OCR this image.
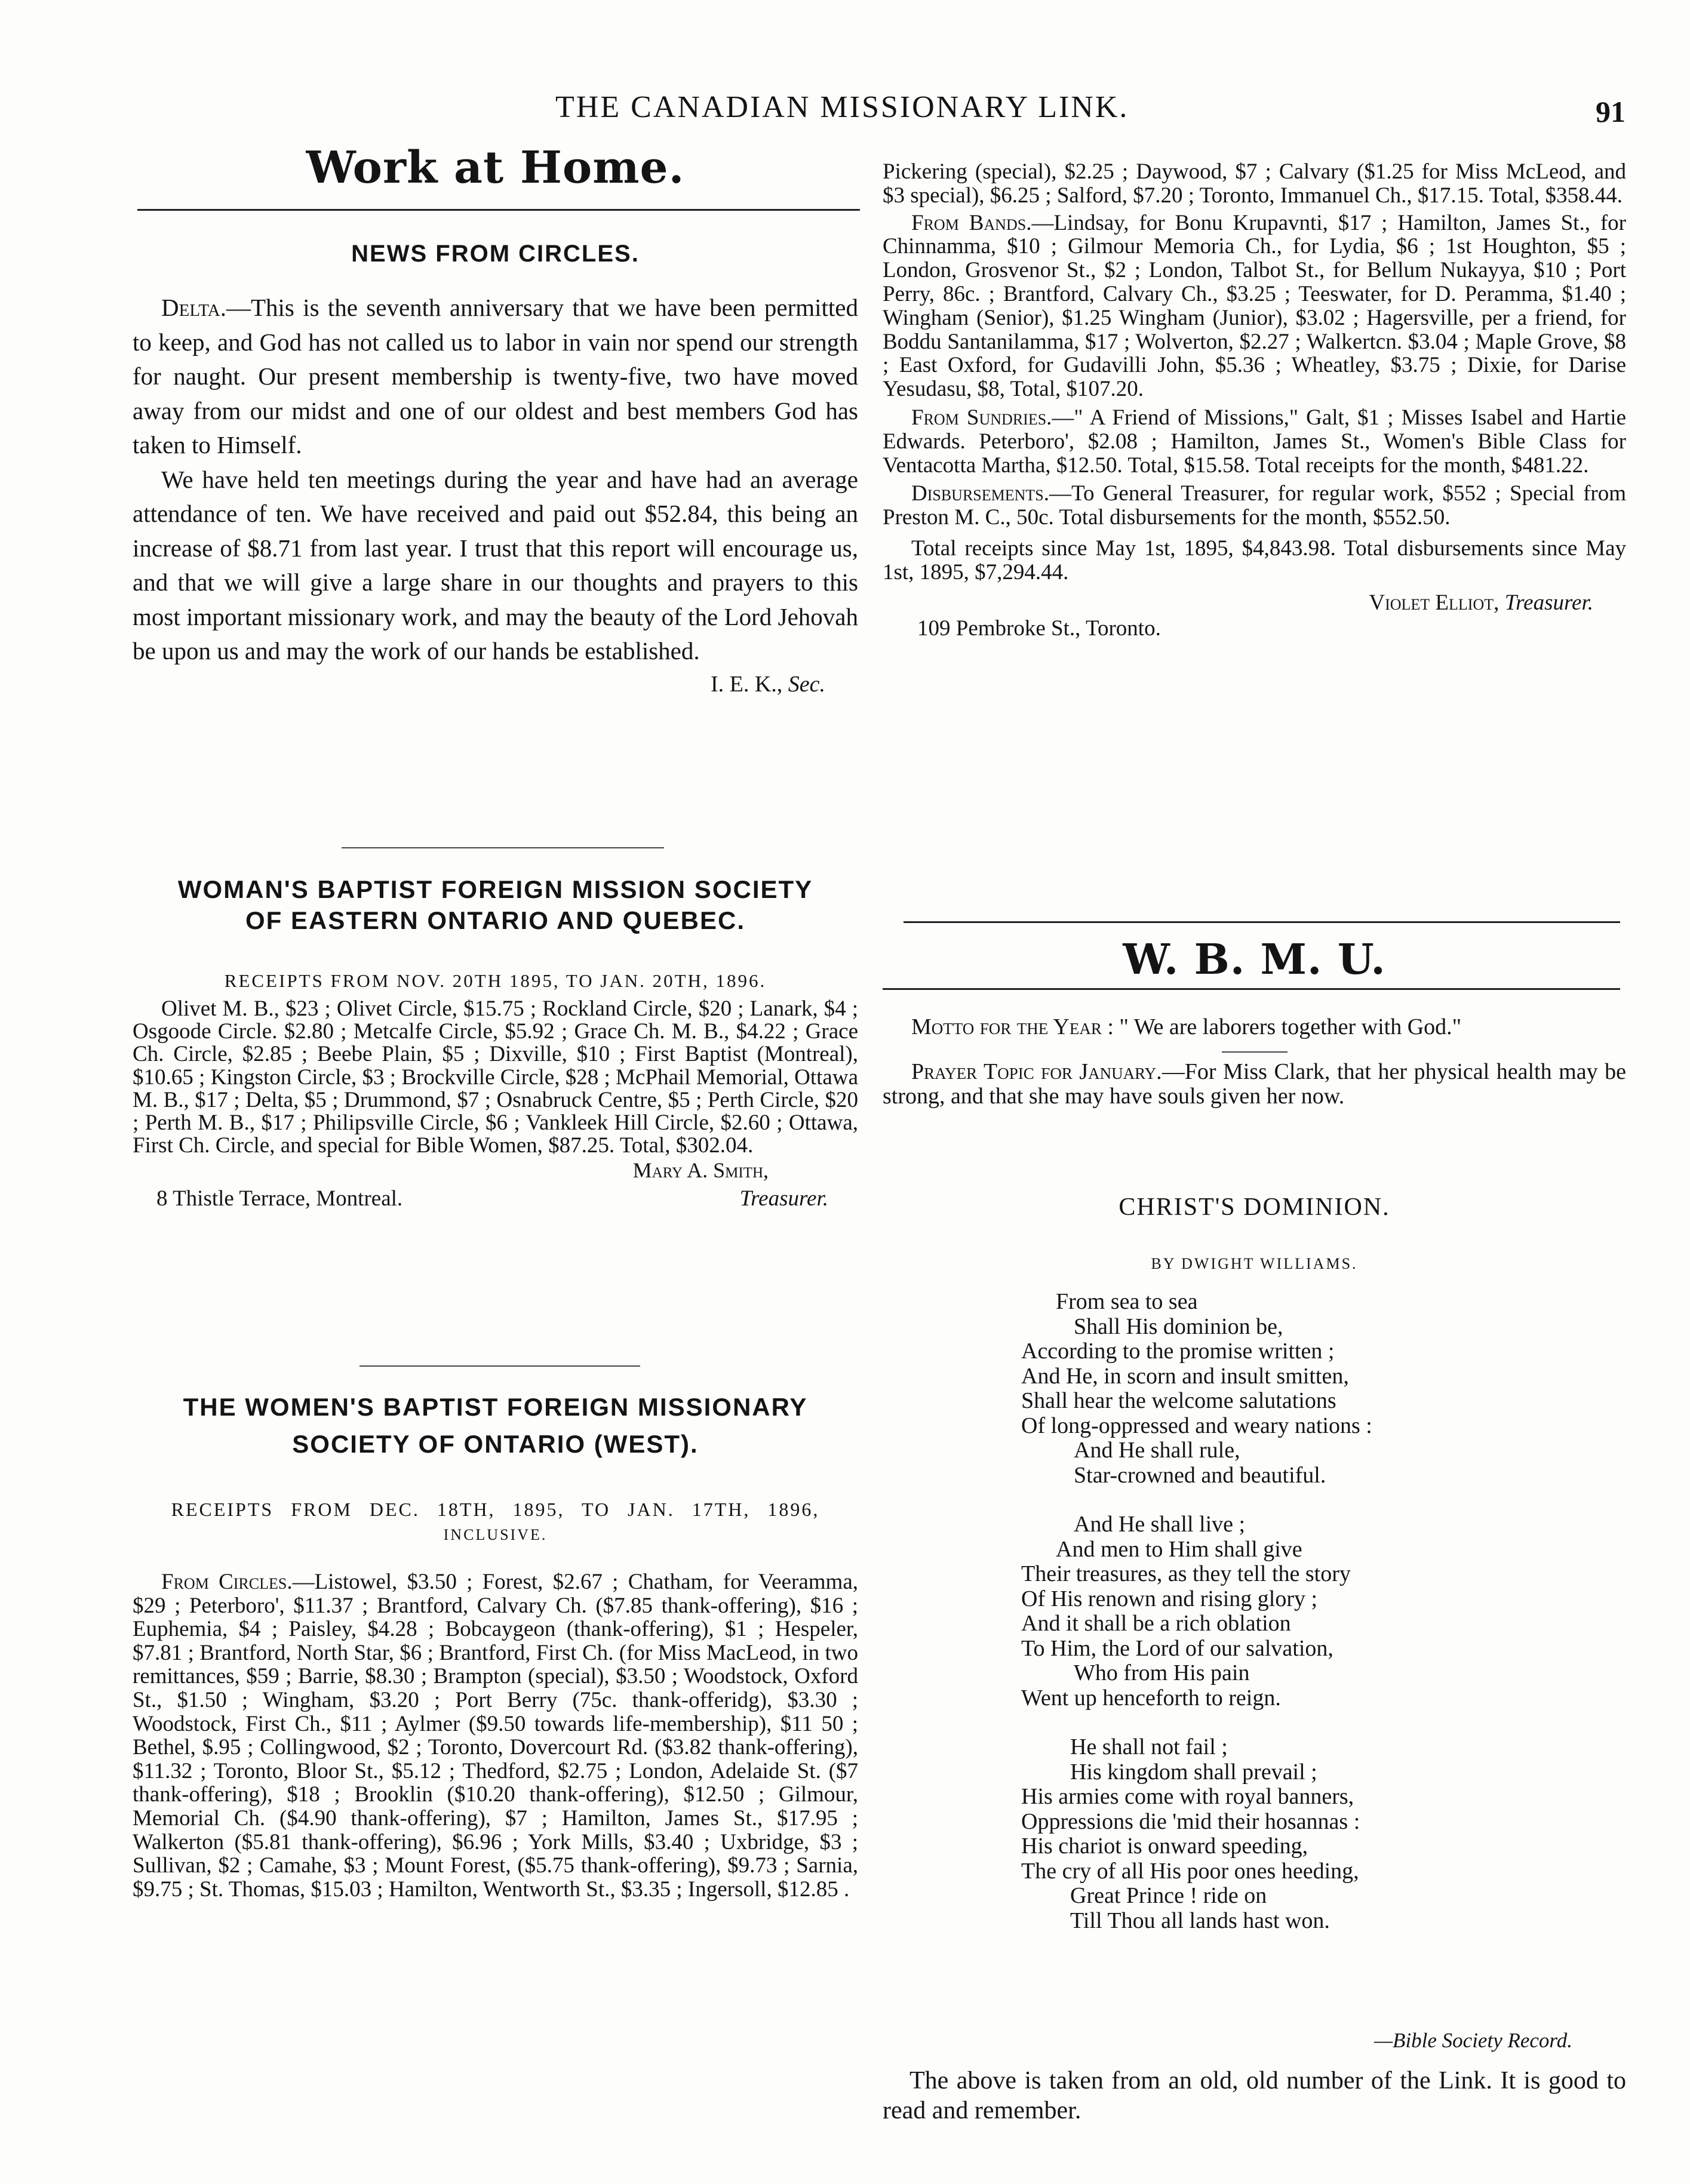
THE CANADIAN MISSIONARY LINK.	91
Work at Home.
NEWS FROM CIRCLES.

Delta.—This is the seventh anniversary that we have been permitted to keep, and God has not called us to labor in vain nor spend our strength for naught. Our present membership is twenty-five, two have moved away from our midst and one of our oldest and best members God has taken to Himself.

We have held ten meetings during the year and have had an average attendance of ten. We have received and paid out $52.84, this being an increase of $8.71 from last year. I trust that this report will encourage us, and that we will give a large share in our thoughts and prayers to this most important missionary work, and may the beauty of the Lord Jehovah be upon us and may the work of our hands be established.

I. E. K., Sec.
WOMAN'S BAPTIST FOREIGN MISSION SOCIETY
OF EASTERN ONTARIO AND QUEBEC.
RECEIPTS FROM NOV. 20TH 1895, TO JAN. 20TH, 1896.

Olivet M. B., $23 ; Olivet Circle, $15.75 ; Rockland Circle, $20 ; Lanark, $4 ; Osgoode Circle. $2.80 ; Metcalfe Circle, $5.92 ; Grace Ch. M. B., $4.22 ; Grace Ch. Circle, $2.85 ; Beebe Plain, $5 ; Dixville, $10 ; First Baptist (Montreal), $10.65 ; Kingston Circle, $3 ; Brockville Circle, $28 ; McPhail Memorial, Ottawa M. B., $17 ; Delta, $5 ; Drummond, $7 ; Osnabruck Centre, $5 ; Perth Circle, $20 ; Perth M. B., $17 ; Philipsville Circle, $6 ; Vankleek Hill Circle, $2.60 ; Ottawa, First Ch. Circle, and special for Bible Women, $87.25. Total, $302.04.

Mary A. Smith,
8 Thistle Terrace, Montreal.	Treasurer.
THE WOMEN'S BAPTIST FOREIGN MISSIONARY
SOCIETY OF ONTARIO (WEST).
RECEIPTS FROM DEC. 18TH, 1895, TO JAN. 17TH, 1896,
INCLUSIVE.

From Circles.—Listowel, $3.50 ; Forest, $2.67 ; Chatham, for Veeramma, $29 ; Peterboro', $11.37 ; Brantford, Calvary Ch. ($7.85 thank-offering), $16 ; Euphemia, $4 ; Paisley, $4.28 ; Bobcaygeon (thank-offering), $1 ; Hespeler, $7.81 ; Brantford, North Star, $6 ; Brantford, First Ch. (for Miss MacLeod, in two remittances, $59 ; Barrie, $8.30 ; Brampton (special), $3.50 ; Woodstock, Oxford St., $1.50 ; Wingham, $3.20 ; Port Berry (75c. thank-offeridg), $3.30 ; Woodstock, First Ch., $11 ; Aylmer ($9.50 towards life-membership), $11 50 ; Bethel, $.95 ; Collingwood, $2 ; Toronto, Dovercourt Rd. ($3.82 thank-offering), $11.32 ; Toronto, Bloor St., $5.12 ; Thedford, $2.75 ; London, Adelaide St. ($7 thank-offering), $18 ; Brooklin ($10.20 thank-offering), $12.50 ; Gilmour, Memorial Ch. ($4.90 thank-offering), $7 ; Hamilton, James St., $17.95 ; Walkerton ($5.81 thank-offering), $6.96 ; York Mills, $3.40 ; Uxbridge, $3 ; Sullivan, $2 ; Camahe, $3 ; Mount Forest, ($5.75 thank-offering), $9.73 ; Sarnia, $9.75 ; St. Thomas, $15.03 ; Hamilton, Wentworth St., $3.35 ; Ingersoll, $12.85 .

Pickering (special), $2.25 ; Daywood, $7 ; Calvary ($1.25 for Miss McLeod, and $3 special), $6.25 ; Salford, $7.20 ; Toronto, Immanuel Ch., $17.15. Total, $358.44.

From Bands.—Lindsay, for Bonu Krupavnti, $17 ; Hamilton, James St., for Chinnamma, $10 ; Gilmour Memoria Ch., for Lydia, $6 ; 1st Houghton, $5 ; London, Grosvenor St., $2 ; London, Talbot St., for Bellum Nukayya, $10 ; Port Perry, 86c. ; Brantford, Calvary Ch., $3.25 ; Teeswater, for D. Peramma, $1.40 ; Wingham (Senior), $1.25 Wingham (Junior), $3.02 ; Hagersville, per a friend, for Boddu Santanilamma, $17 ; Wolverton, $2.27 ; Walkertcn. $3.04 ; Maple Grove, $8 ; East Oxford, for Gudavilli John, $5.36 ; Wheatley, $3.75 ; Dixie, for Darise Yesudasu, $8, Total, $107.20.

From Sundries.—" A Friend of Missions," Galt, $1 ; Misses Isabel and Hartie Edwards. Peterboro', $2.08 ; Hamilton, James St., Women's Bible Class for Ventacotta Martha, $12.50. Total, $15.58. Total receipts for the month, $481.22.

Disbursements.—To General Treasurer, for regular work, $552 ; Special from Preston M. C., 50c. Total disbursements for the month, $552.50.

Total receipts since May 1st, 1895, $4,843.98. Total disbursements since May 1st, 1895, $7,294.44.

Violet Elliot, Treasurer.
109 Pembroke St., Toronto.
W. B. M. U.

Motto for the Year : " We are laborers together with God."

Prayer Topic for January.—For Miss Clark, that her physical health may be strong, and that she may have souls given her now.

CHRIST'S DOMINION.
BY DWIGHT WILLIAMS.
From sea to sea
Shall His dominion be,
According to the promise written ;
And He, in scorn and insult smitten,
Shall hear the welcome salutations
Of long-oppressed and weary nations :
And He shall rule,
Star-crowned and beautiful.
And He shall live ;
And men to Him shall give
Their treasures, as they tell the story
Of His renown and rising glory ;
And it shall be a rich oblation
To Him, the Lord of our salvation,
Who from His pain
Went up henceforth to reign.
He shall not fail ;
His kingdom shall prevail ;
His armies come with royal banners,
Oppressions die 'mid their hosannas :
His chariot is onward speeding,
The cry of all His poor ones heeding,
Great Prince ! ride on
Till Thou all lands hast won.
—Bible Society Record.

The above is taken from an old, old number of the Link. It is good to read and remember.
